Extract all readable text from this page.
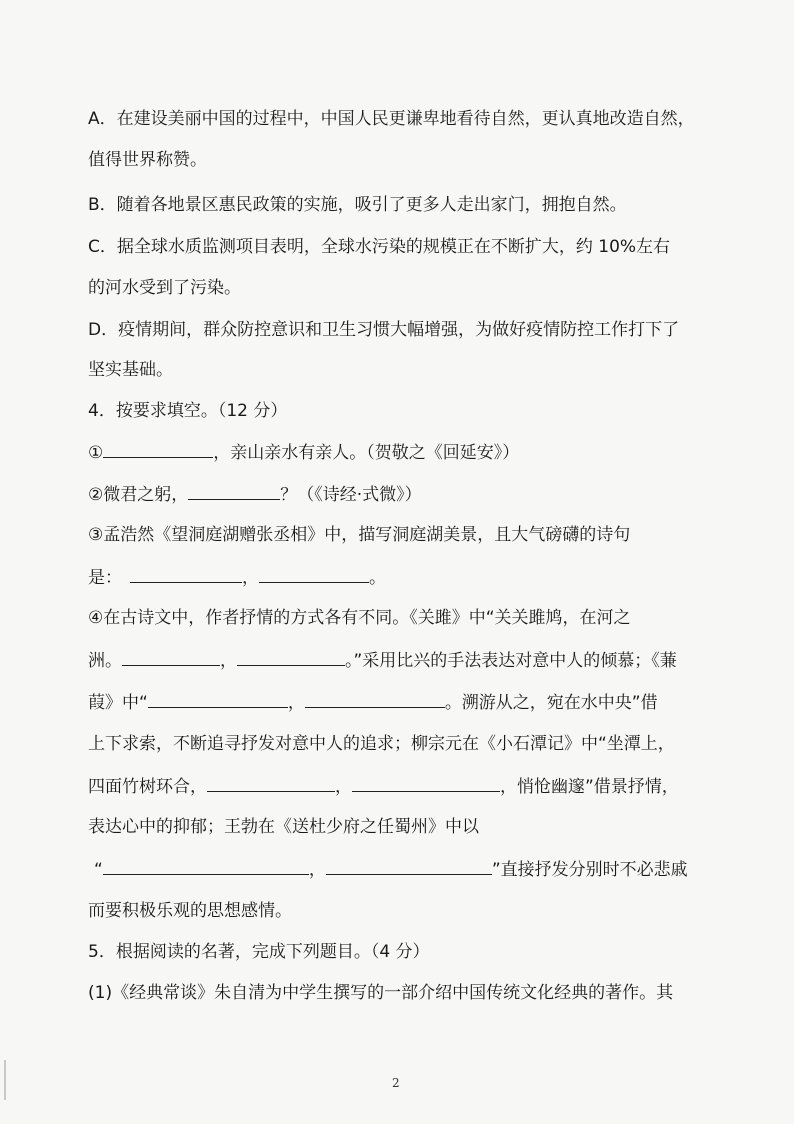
A．在建设美丽中国的过程中，中国人民更谦卑地看待自然，更认真地改造自然，
值得世界称赞。
B．随着各地景区惠民政策的实施，吸引了更多人走出家门，拥抱自然。
C．据全球水质监测项目表明，全球水污染的规模正在不断扩大，约 10%左右
的河水受到了污染。
D．疫情期间，群众防控意识和卫生习惯大幅增强，为做好疫情防控工作打下了
坚实基础。
4．按要求填空。（12 分）
①	，亲山亲水有亲人。（贺敬之《回延安》）
②微君之躬，	？（《诗经·式微》）
③孟浩然《望洞庭湖赠张丞相》中，描写洞庭湖美景，且大气磅礴的诗句
是：	，	。
④在古诗文中，作者抒情的方式各有不同。《关雎》中“关关雎鸠，在河之
洲。	，	。”采用比兴的手法表达对意中人的倾慕；《蒹
葭》中“	，	。溯游从之，宛在水中央”借
上下求索，不断追寻抒发对意中人的追求；柳宗元在《小石潭记》中“坐潭上，
四面竹树环合，	，	，悄怆幽邃”借景抒情，
表达心中的抑郁；王勃在《送杜少府之任蜀州》中以
“	，	”直接抒发分别时不必悲戚
而要积极乐观的思想感情。
5．根据阅读的名著，完成下列题目。（4 分）
(1)《经典常谈》朱自清为中学生撰写的一部介绍中国传统文化经典的著作。其
2
